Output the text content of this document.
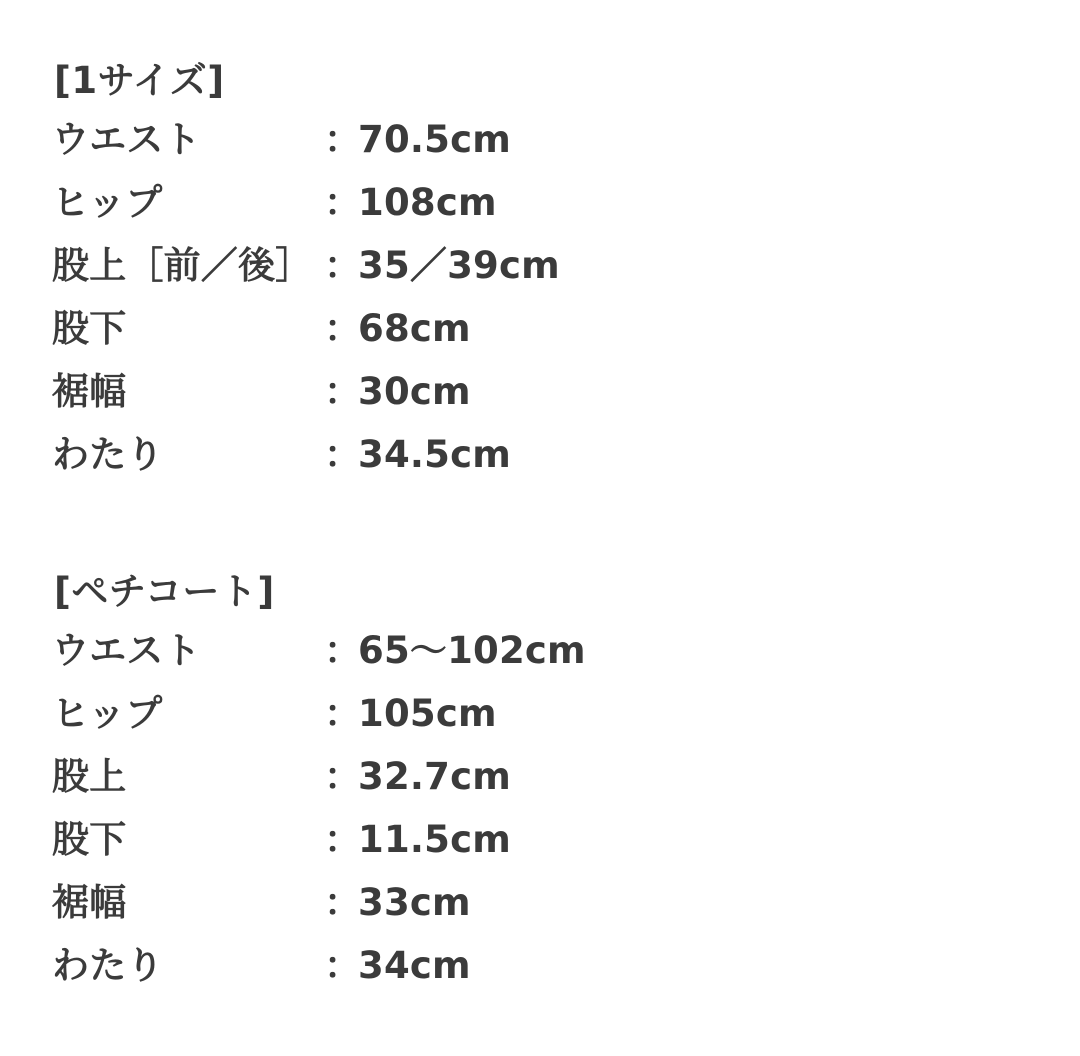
[1サイズ]
ウエスト	：
70.5cm
ヒップ	：
108cm
股上［前／後］ ：
35／39cm
股下	：
68cm
裾幅	：
30cm
わたり	：
34.5cm
[ペチコート]
ウエスト	：
65〜102cm
ヒップ	：
105cm
股上	：
32.7cm
股下	：
11.5cm
裾幅	：
33cm
わたり	：
34cm
